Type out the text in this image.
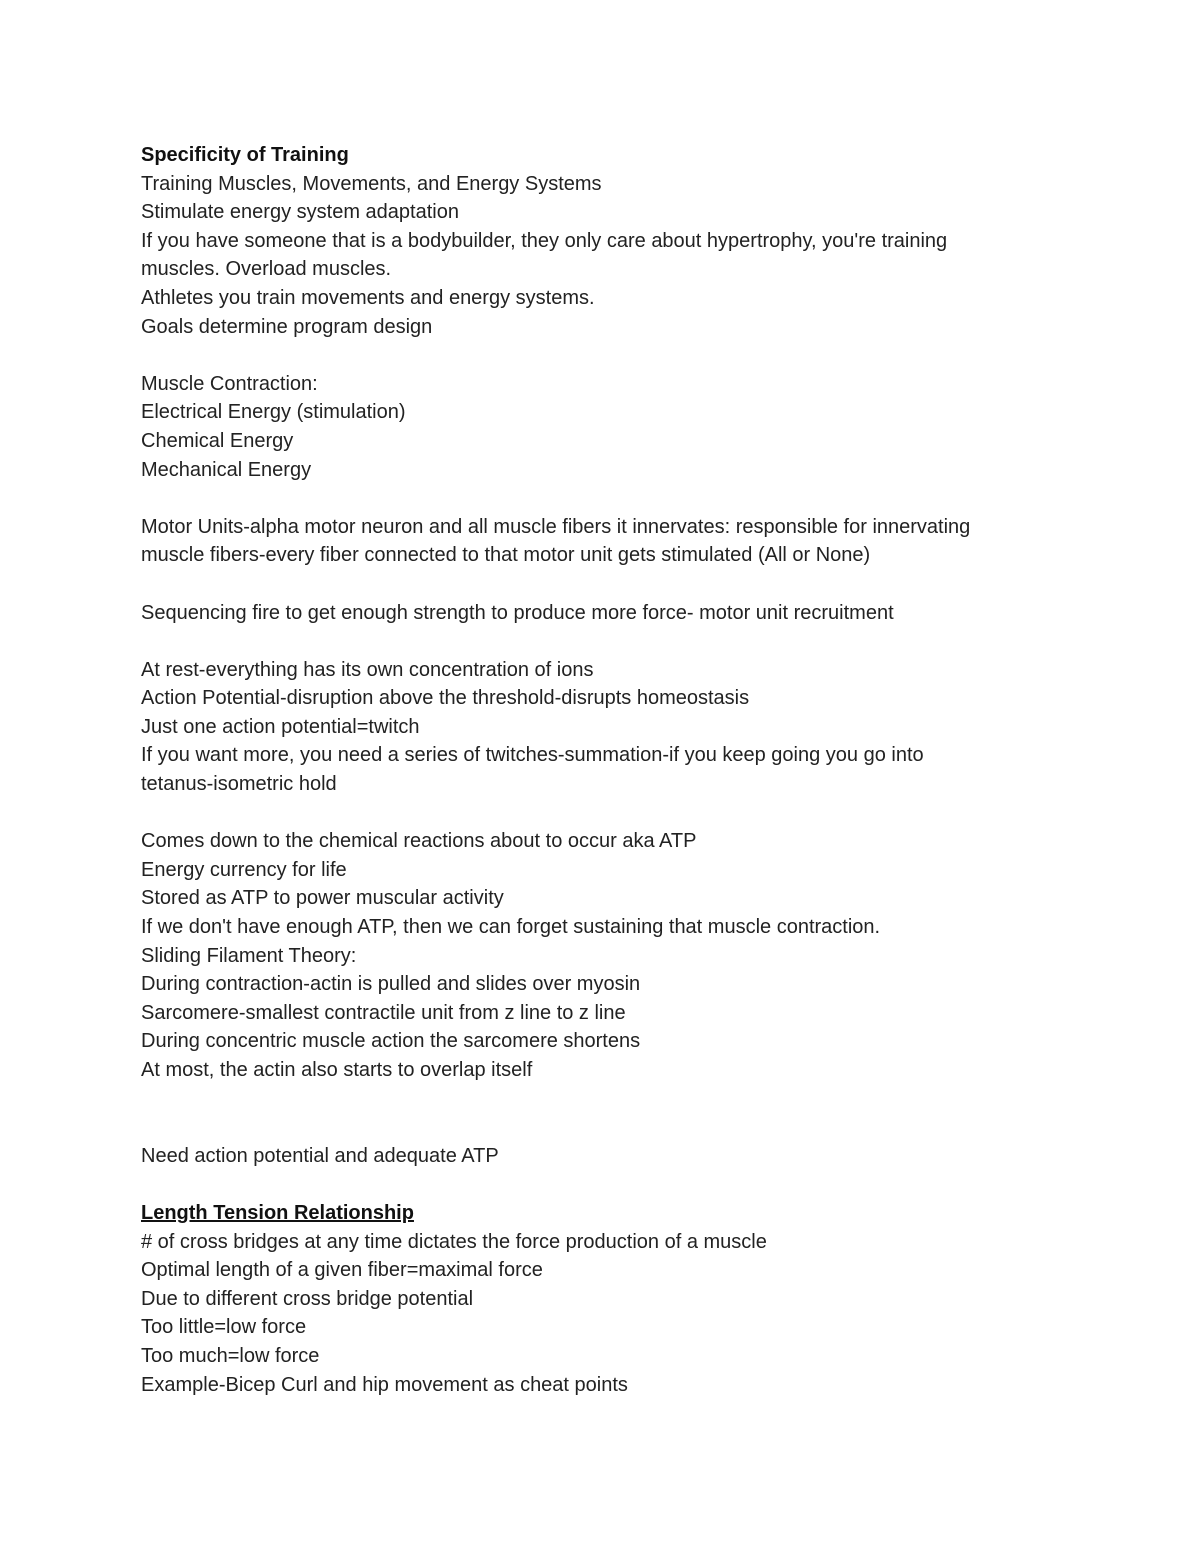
Specificity of Training
Training Muscles, Movements, and Energy Systems
Stimulate energy system adaptation
If you have someone that is a bodybuilder, they only care about hypertrophy, you're training
muscles. Overload muscles.
Athletes you train movements and energy systems.
Goals determine program design
Muscle Contraction:
Electrical Energy (stimulation)
Chemical Energy
Mechanical Energy
Motor Units-alpha motor neuron and all muscle fibers it innervates: responsible for innervating
muscle fibers-every fiber connected to that motor unit gets stimulated (All or None)
Sequencing fire to get enough strength to produce more force- motor unit recruitment
At rest-everything has its own concentration of ions
Action Potential-disruption above the threshold-disrupts homeostasis
Just one action potential=twitch
If you want more, you need a series of twitches-summation-if you keep going you go into
tetanus-isometric hold
Comes down to the chemical reactions about to occur aka ATP
Energy currency for life
Stored as ATP to power muscular activity
If we don't have enough ATP, then we can forget sustaining that muscle contraction.
Sliding Filament Theory:
During contraction-actin is pulled and slides over myosin
Sarcomere-smallest contractile unit from z line to z line
During concentric muscle action the sarcomere shortens
At most, the actin also starts to overlap itself
Need action potential and adequate ATP
Length Tension Relationship
# of cross bridges at any time dictates the force production of a muscle
Optimal length of a given fiber=maximal force
Due to different cross bridge potential
Too little=low force
Too much=low force
Example-Bicep Curl and hip movement as cheat points
